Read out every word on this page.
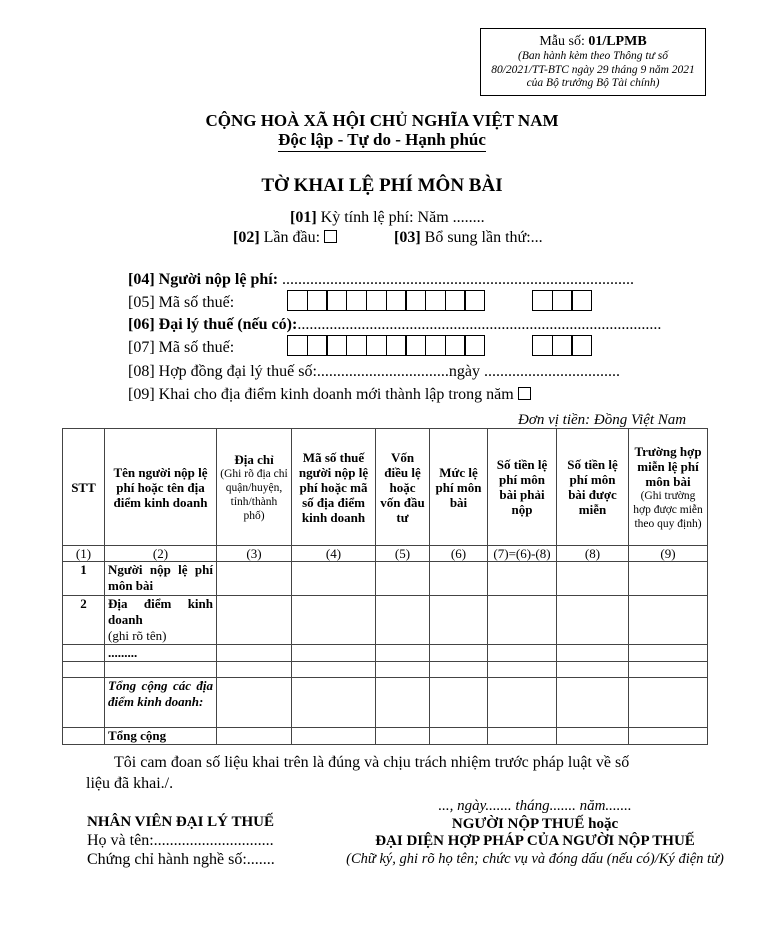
Mẫu số: 01/LPMB
(Ban hành kèm theo Thông tư số
80/2021/TT-BTC ngày 29 tháng 9 năm 2021
của Bộ trưởng Bộ Tài chính)
CỘNG HOÀ XÃ HỘI CHỦ NGHĨA VIỆT NAM
Độc lập - Tự do - Hạnh phúc
TỜ KHAI LỆ PHÍ MÔN BÀI
[01] Kỳ tính lệ phí: Năm ........
[02] Lần đầu:	[03] Bổ sung lần thứ:...
[04] Người nộp lệ phí: ........................................................................................
[05] Mã số thuế:
[06] Đại lý thuế (nếu có):...........................................................................................
[07] Mã số thuế:
[08] Hợp đồng đại lý thuế số:.................................ngày ..................................
[09] Khai cho địa điểm kinh doanh mới thành lập trong năm
Đơn vị tiền: Đồng Việt Nam
STT	Tên người nộp lệ phí hoặc tên địa điểm kinh doanh	Địa chỉ
(Ghi rõ địa chỉ quận/huyện, tỉnh/thành phố)	Mã số thuế người nộp lệ phí hoặc mã số địa điểm kinh doanh	Vốn điều lệ hoặc vốn đầu tư	Mức lệ phí môn bài	Số tiền lệ phí môn bài phải nộp	Số tiền lệ phí môn bài được miễn	Trường hợp miễn lệ phí môn bài
(Ghi trường hợp được miễn theo quy định)

(1)	(2)	(3)	(4)	(5)	(6)	(7)=(6)-(8)	(8)	(9)
1	Người nộp lệ phí môn bài							
2	Địa điểm kinh doanh
(ghi rõ tên)							
	.........							

	Tổng cộng các địa điểm kinh doanh:							
	Tổng cộng							
Tôi cam đoan số liệu khai trên là đúng và chịu trách nhiệm trước pháp luật về số
liệu đã khai./.
NHÂN VIÊN ĐẠI LÝ THUẾ
Họ và tên:..............................
Chứng chỉ hành nghề số:.......
..., ngày....... tháng....... năm.......
NGƯỜI NỘP THUẾ hoặc
ĐẠI DIỆN HỢP PHÁP CỦA NGƯỜI NỘP THUẾ
(Chữ ký, ghi rõ họ tên; chức vụ và đóng dấu (nếu có)/Ký điện tử)
